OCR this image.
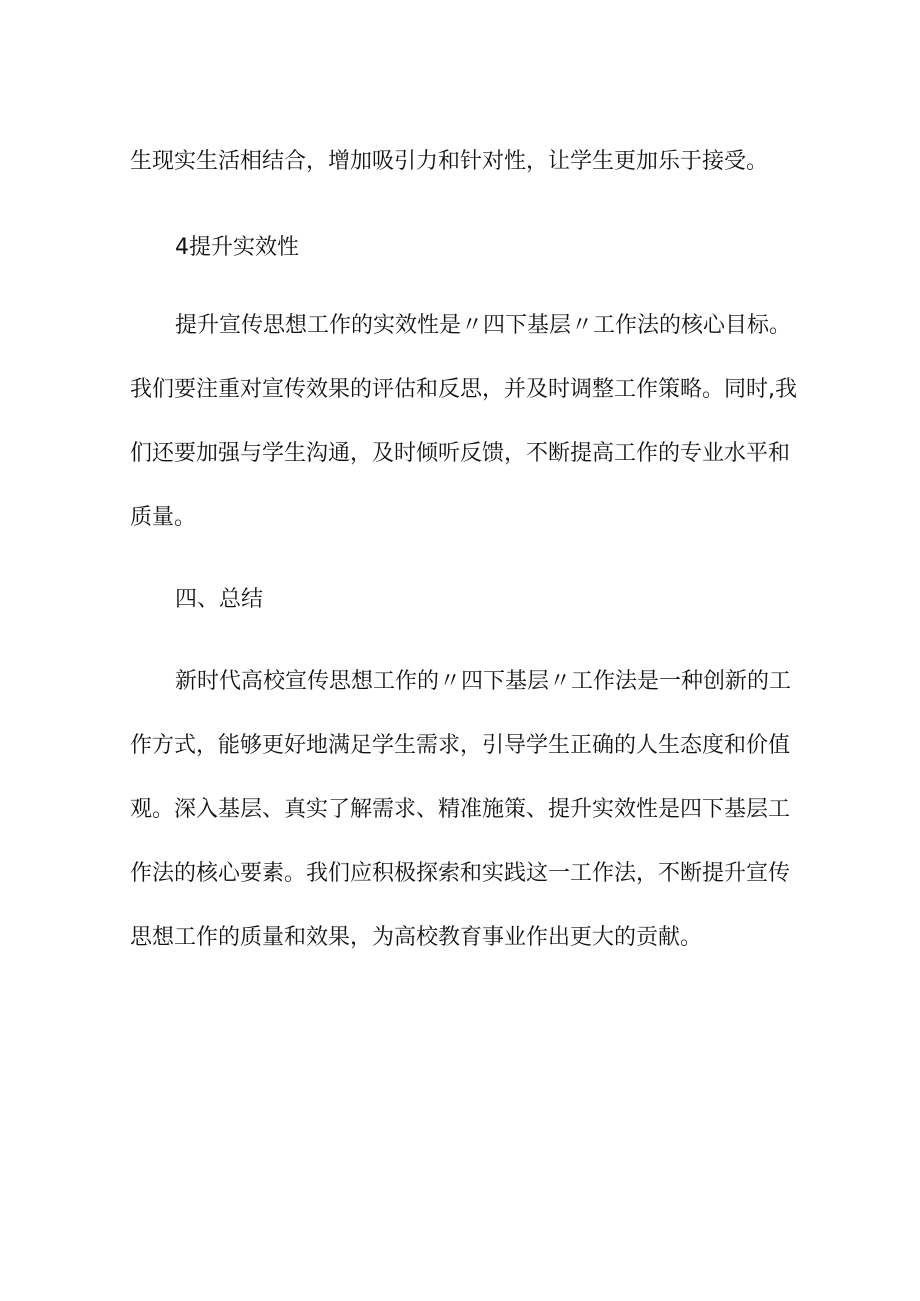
生现实生活相结合，增加吸引力和针对性，让学生更加乐于接受。
4提升实效性
提升宣传思想工作的实效性是〃四下基层〃工作法的核心目标。
我们要注重对宣传效果的评估和反思，并及时调整工作策略。同时,我
们还要加强与学生沟通，及时倾听反馈，不断提高工作的专业水平和
质量。
四、总结
新时代高校宣传思想工作的〃四下基层〃工作法是一种创新的工
作方式，能够更好地满足学生需求，引导学生正确的人生态度和价值
观。深入基层、真实了解需求、精准施策、提升实效性是四下基层工
作法的核心要素。我们应积极探索和实践这一工作法，不断提升宣传
思想工作的质量和效果，为高校教育事业作出更大的贡献。
